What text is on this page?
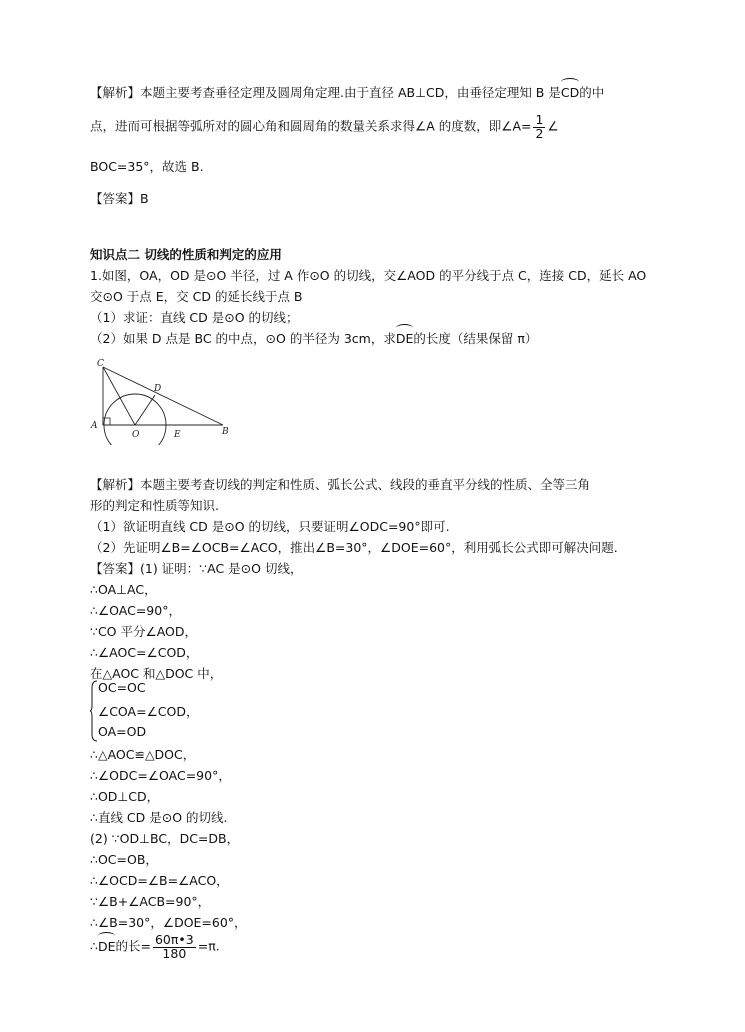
【解析】本题主要考查垂径定理及圆周角定理.由于直径 AB⊥CD，由垂径定理知 B 是CD的中
点，进而可根据等弧所对的圆心角和圆周角的数量关系求得∠A 的度数，即∠A= $\frac{1}{2}$ ∠
BOC=35°，故选 B.
【答案】B
知识点二 切线的性质和判定的应用
1.如图，OA，OD 是⊙O 半径，过 A 作⊙O 的切线，交∠AOD 的平分线于点 C，连接 CD，延长 AO
交⊙O 于点 E，交 CD 的延长线于点 B
（1）求证：直线 CD 是⊙O 的切线；
（2）如果 D 点是 BC 的中点，⊙O 的半径为 3cm，求DE的长度（结果保留 π）
C
D
A
O	E	B
【解析】本题主要考查切线的判定和性质、弧长公式、线段的垂直平分线的性质、全等三角
形的判定和性质等知识.
（1）欲证明直线 CD 是⊙O 的切线，只要证明∠ODC=90°即可.
（2）先证明∠B=∠OCB=∠ACO，推出∠B=30°，∠DOE=60°，利用弧长公式即可解决问题.
【答案】(1) 证明：∵AC 是⊙O 切线，
∴OA⊥AC，
∴∠OAC=90°，
∵CO 平分∠AOD，
∴∠AOC=∠COD，
在△AOC 和△DOC 中，
OC=OC
∠COA=∠COD，
OA=OD
∴△AOC≌△DOC，
∴∠ODC=∠OAC=90°，
∴OD⊥CD，
∴直线 CD 是⊙O 的切线.
(2) ∵OD⊥BC，DC=DB，
∴OC=OB，
∴∠OCD=∠B=∠ACO，
∵∠B+∠ACB=90°，
∴∠B=30°，∠DOE=60°，
∴DE的长= $\frac{60\pi•3}{180} =\pi$.
